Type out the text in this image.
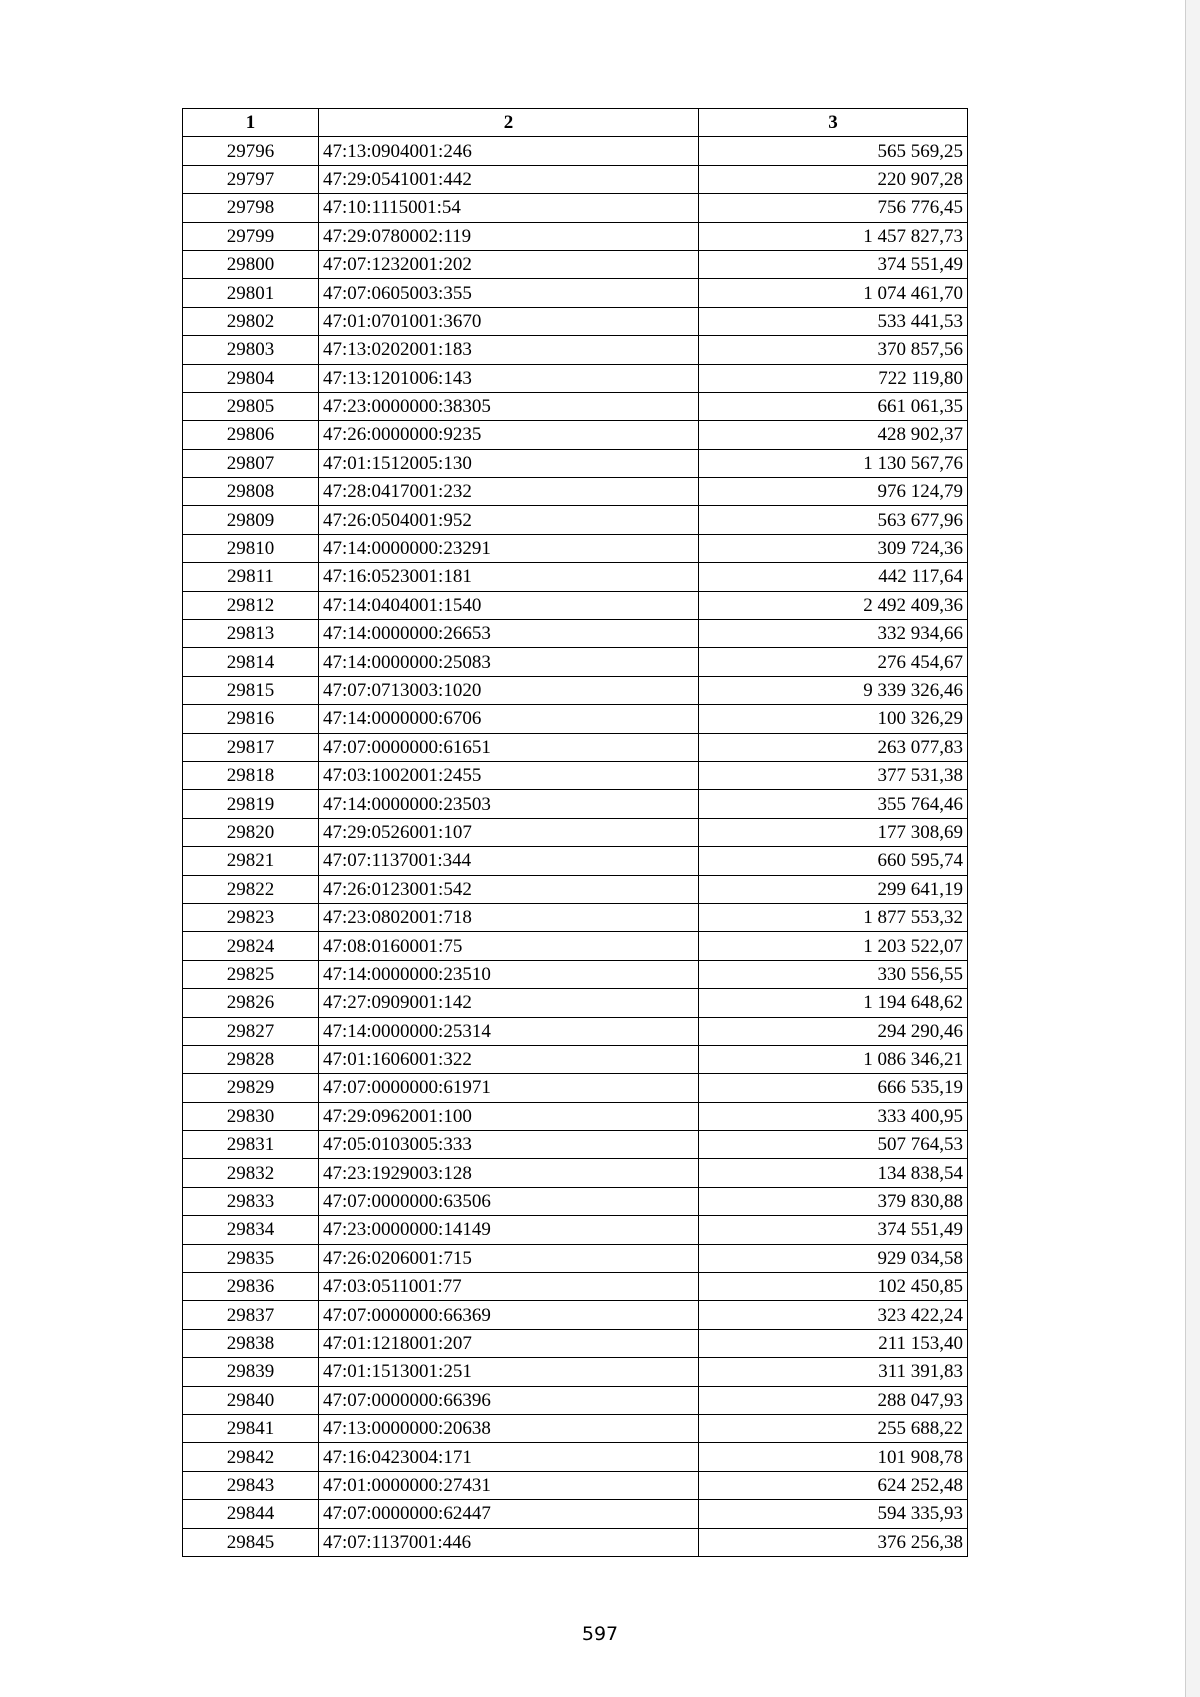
1	2	3
29796	47:13:0904001:246	565 569,25
29797	47:29:0541001:442	220 907,28
29798	47:10:1115001:54	756 776,45
29799	47:29:0780002:119	1 457 827,73
29800	47:07:1232001:202	374 551,49
29801	47:07:0605003:355	1 074 461,70
29802	47:01:0701001:3670	533 441,53
29803	47:13:0202001:183	370 857,56
29804	47:13:1201006:143	722 119,80
29805	47:23:0000000:38305	661 061,35
29806	47:26:0000000:9235	428 902,37
29807	47:01:1512005:130	1 130 567,76
29808	47:28:0417001:232	976 124,79
29809	47:26:0504001:952	563 677,96
29810	47:14:0000000:23291	309 724,36
29811	47:16:0523001:181	442 117,64
29812	47:14:0404001:1540	2 492 409,36
29813	47:14:0000000:26653	332 934,66
29814	47:14:0000000:25083	276 454,67
29815	47:07:0713003:1020	9 339 326,46
29816	47:14:0000000:6706	100 326,29
29817	47:07:0000000:61651	263 077,83
29818	47:03:1002001:2455	377 531,38
29819	47:14:0000000:23503	355 764,46
29820	47:29:0526001:107	177 308,69
29821	47:07:1137001:344	660 595,74
29822	47:26:0123001:542	299 641,19
29823	47:23:0802001:718	1 877 553,32
29824	47:08:0160001:75	1 203 522,07
29825	47:14:0000000:23510	330 556,55
29826	47:27:0909001:142	1 194 648,62
29827	47:14:0000000:25314	294 290,46
29828	47:01:1606001:322	1 086 346,21
29829	47:07:0000000:61971	666 535,19
29830	47:29:0962001:100	333 400,95
29831	47:05:0103005:333	507 764,53
29832	47:23:1929003:128	134 838,54
29833	47:07:0000000:63506	379 830,88
29834	47:23:0000000:14149	374 551,49
29835	47:26:0206001:715	929 034,58
29836	47:03:0511001:77	102 450,85
29837	47:07:0000000:66369	323 422,24
29838	47:01:1218001:207	211 153,40
29839	47:01:1513001:251	311 391,83
29840	47:07:0000000:66396	288 047,93
29841	47:13:0000000:20638	255 688,22
29842	47:16:0423004:171	101 908,78
29843	47:01:0000000:27431	624 252,48
29844	47:07:0000000:62447	594 335,93
29845	47:07:1137001:446	376 256,38
597
